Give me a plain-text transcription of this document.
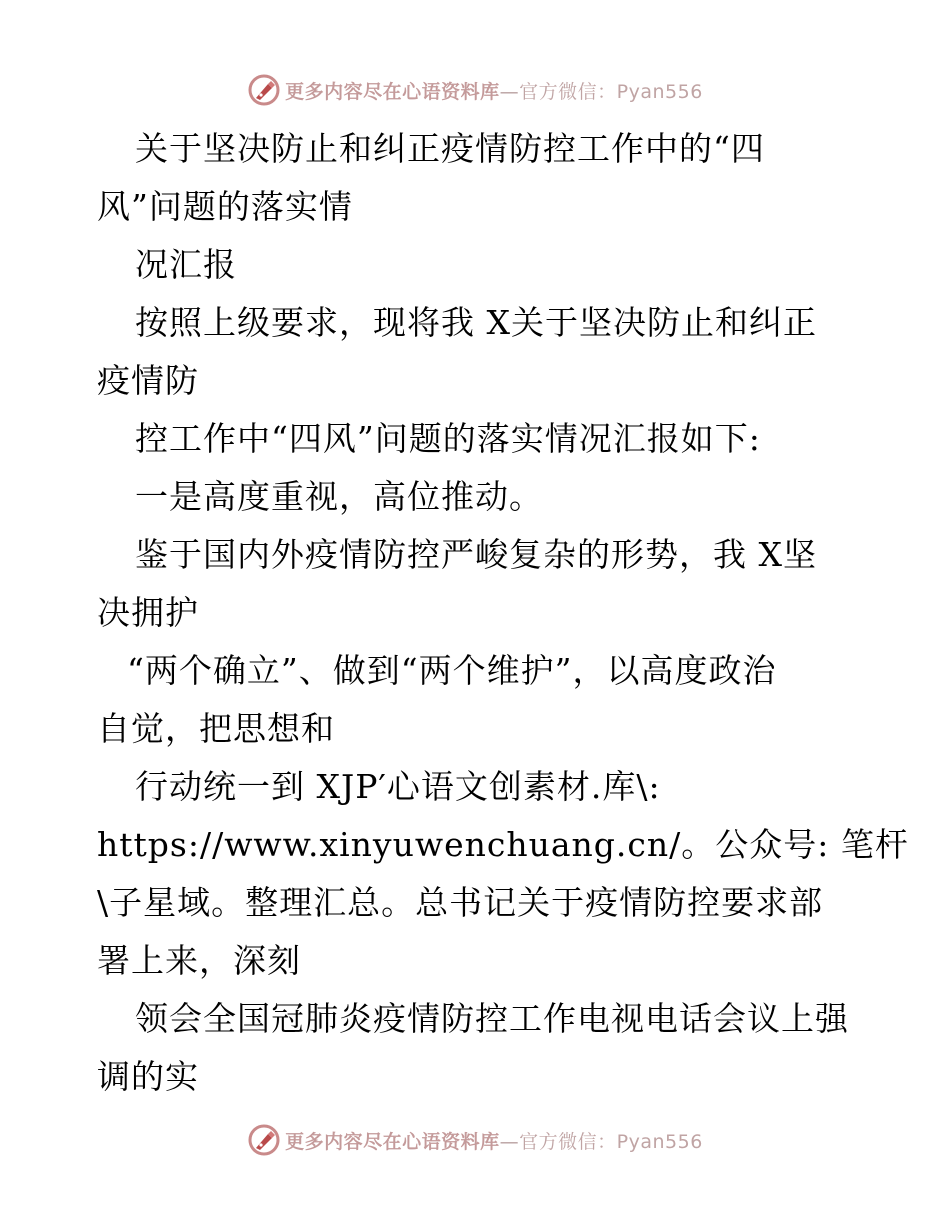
更多内容尽在心语资料库—官方微信：Pyan556
关于坚决防止和纠正疫情防控工作中的“四
风”问题的落实情
况汇报
按照上级要求，现将我 X关于坚决防止和纠正
疫情防
控工作中“四风”问题的落实情况汇报如下:
一是高度重视，高位推动。
鉴于国内外疫情防控严峻复杂的形势，我 X坚
决拥护
“两个确立”、做到“两个维护”，以高度政治
自觉，把思想和
行动统一到 XJP′心语文创素材.库\:
https://www.xinyuwenchuang.cn/。公众号: 笔杆
\子星域。整理汇总。总书记关于疫情防控要求部
署上来，深刻
领会全国冠肺炎疫情防控工作电视电话会议上强
调的实
更多内容尽在心语资料库—官方微信：Pyan556
